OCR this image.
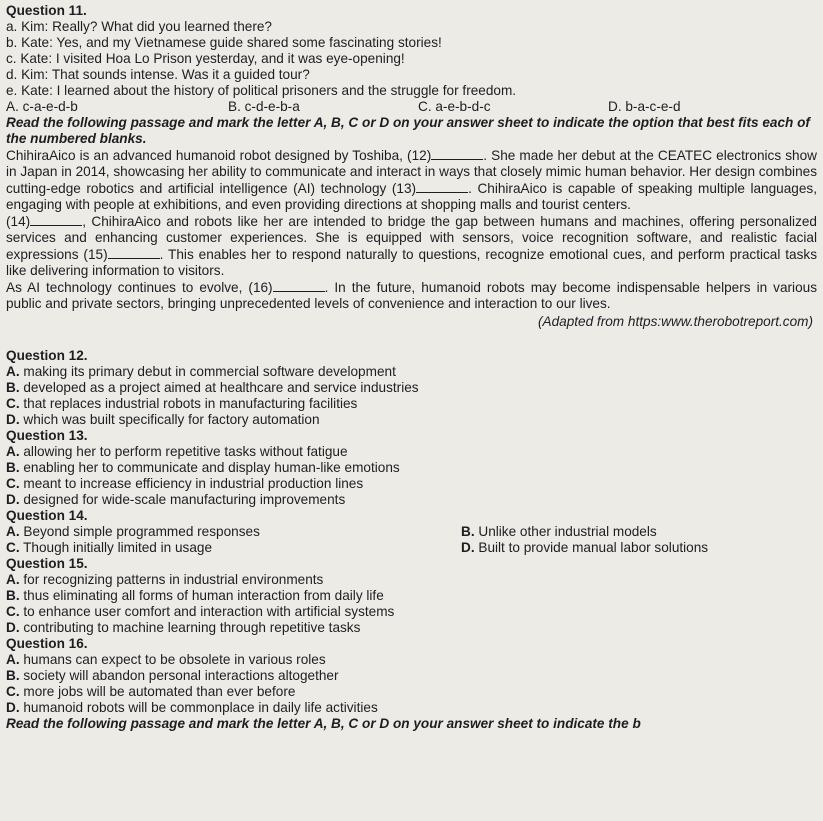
Question 11.
a. Kim: Really? What did you learned there?
b. Kate: Yes, and my Vietnamese guide shared some fascinating stories!
c. Kate: I visited Hoa Lo Prison yesterday, and it was eye-opening!
d. Kim: That sounds intense. Was it a guided tour?
e. Kate: I learned about the history of political prisoners and the struggle for freedom.
A. c-a-e-d-b	B. c-d-e-b-a	C. a-e-b-d-c	D. b-a-c-e-d
Read the following passage and mark the letter A, B, C or D on your answer sheet to indicate the option that best fits each of the numbered blanks.
ChihiraAico is an advanced humanoid robot designed by Toshiba, (12)	. She made her debut at the CEATEC electronics show in Japan in 2014, showcasing her ability to communicate and interact in ways that closely mimic human behavior. Her design combines cutting-edge robotics and artificial intelligence (AI) technology (13)	. ChihiraAico is capable of speaking multiple languages, engaging with people at exhibitions, and even providing directions at shopping malls and tourist centers.
(14)	, ChihiraAico and robots like her are intended to bridge the gap between humans and machines, offering personalized services and enhancing customer experiences. She is equipped with sensors, voice recognition software, and realistic facial expressions (15)	. This enables her to respond naturally to questions, recognize emotional cues, and perform practical tasks like delivering information to visitors.
As AI technology continues to evolve, (16)	. In the future, humanoid robots may become indispensable helpers in various public and private sectors, bringing unprecedented levels of convenience and interaction to our lives.
(Adapted from https:www.therobotreport.com)
Question 12.
A. making its primary debut in commercial software development
B. developed as a project aimed at healthcare and service industries
C. that replaces industrial robots in manufacturing facilities
D. which was built specifically for factory automation
Question 13.
A. allowing her to perform repetitive tasks without fatigue
B. enabling her to communicate and display human-like emotions
C. meant to increase efficiency in industrial production lines
D. designed for wide-scale manufacturing improvements
Question 14.
A. Beyond simple programmed responses	B. Unlike other industrial models
C. Though initially limited in usage	D. Built to provide manual labor solutions
Question 15.
A. for recognizing patterns in industrial environments
B. thus eliminating all forms of human interaction from daily life
C. to enhance user comfort and interaction with artificial systems
D. contributing to machine learning through repetitive tasks
Question 16.
A. humans can expect to be obsolete in various roles
B. society will abandon personal interactions altogether
C. more jobs will be automated than ever before
D. humanoid robots will be commonplace in daily life activities
Read the following passage and mark the letter A, B, C or D on your answer sheet to indicate the b
